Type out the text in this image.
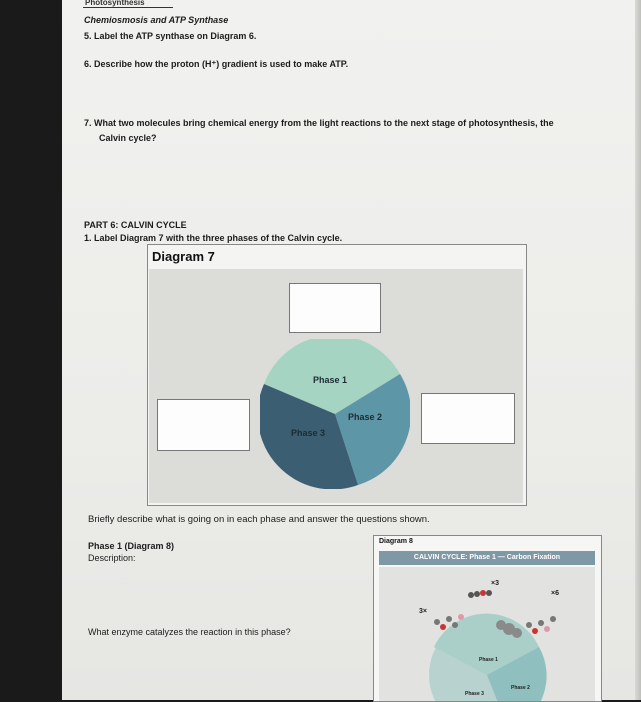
Photosynthesis
Chemiosmosis and ATP Synthase
5. Label the ATP synthase on Diagram 6.
6. Describe how the proton (H⁺) gradient is used to make ATP.
7. What two molecules bring chemical energy from the light reactions to the next stage of photosynthesis, the
Calvin cycle?
PART 6: CALVIN CYCLE
1. Label Diagram 7 with the three phases of the Calvin cycle.
Diagram 7
Phase 1
Phase 2
Phase 3
Briefly describe what is going on in each phase and answer the questions shown.
Phase 1 (Diagram 8)
Description:
What enzyme catalyzes the reaction in this phase?
Diagram 8
CALVIN CYCLE: Phase 1 — Carbon Fixation
×3
×6
3×
Phase 1
Phase 2
Phase 3
